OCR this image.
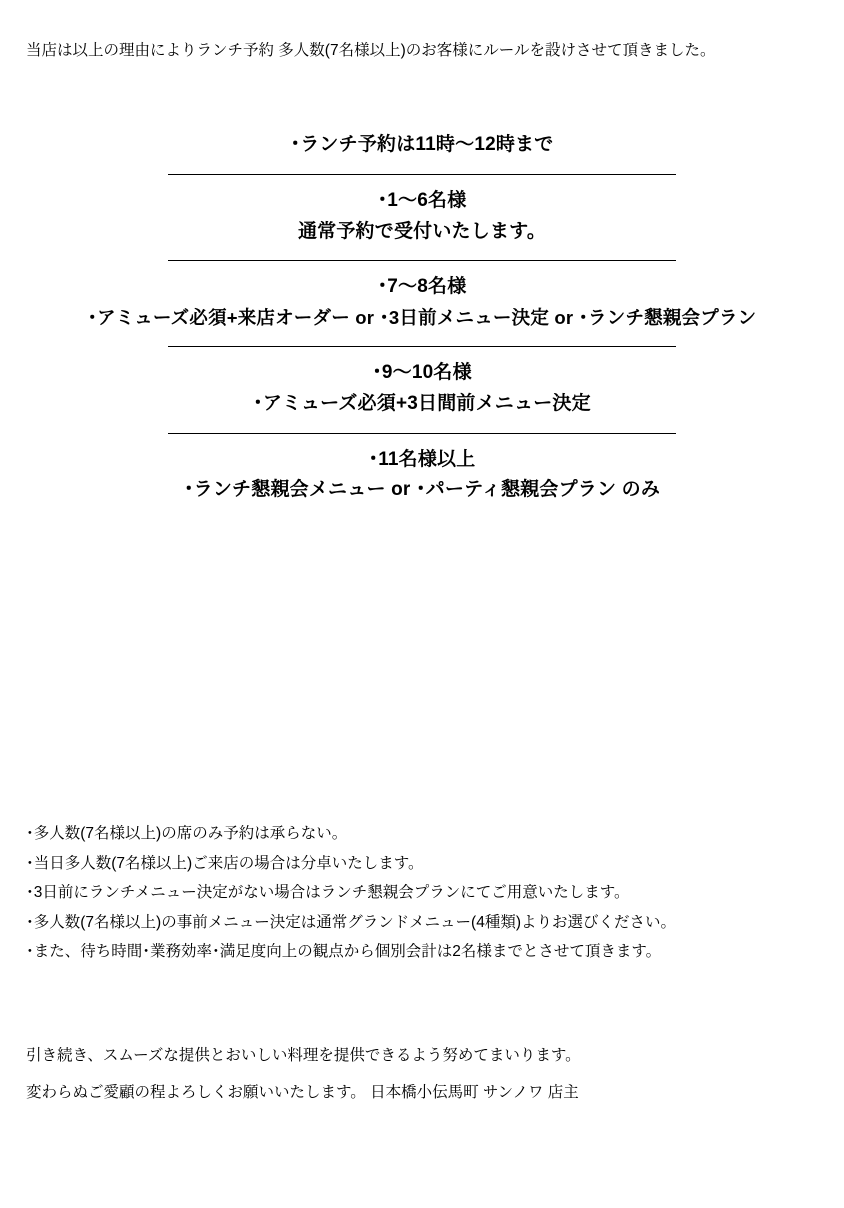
当店は以上の理由によりランチ予約 多人数(7名様以上)のお客様にルールを設けさせて頂きました。
･ランチ予約は11時～12時まで
･1～6名様
通常予約で受付いたします。
･7～8名様
･アミューズ必須+来店オーダー or ･3日前メニュー決定 or ･ランチ懇親会プラン
･9～10名様
･アミューズ必須+3日間前メニュー決定
･11名様以上
･ランチ懇親会メニュー or ･パーティ懇親会プラン のみ
･多人数(7名様以上)の席のみ予約は承らない。
･当日多人数(7名様以上)ご来店の場合は分卓いたします。
･3日前にランチメニュー決定がない場合はランチ懇親会プランにてご用意いたします。
･多人数(7名様以上)の事前メニュー決定は通常グランドメニュー(4種類)よりお選びください。
･また、待ち時間･業務効率･満足度向上の観点から個別会計は2名様までとさせて頂きます。
引き続き、スムーズな提供とおいしい料理を提供できるよう努めてまいります。
変わらぬご愛顧の程よろしくお願いいたします。 日本橋小伝馬町 サンノワ 店主
